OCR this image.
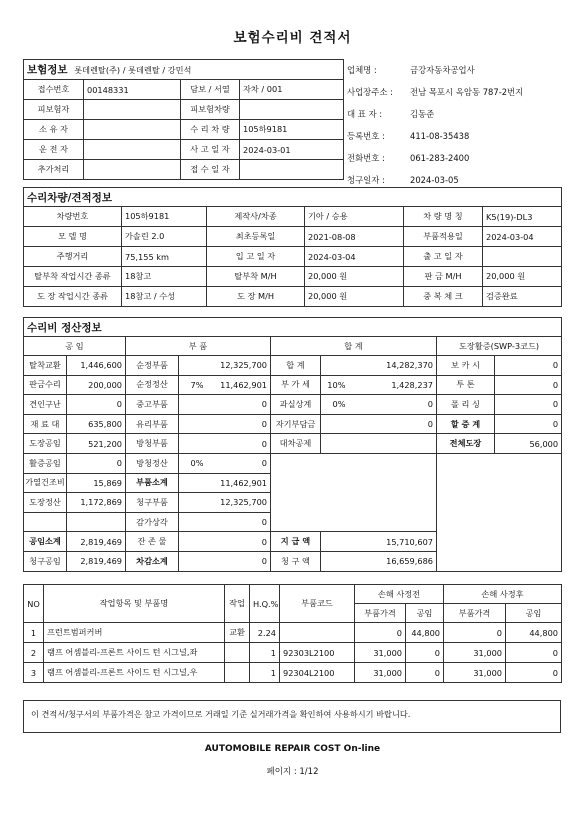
보험수리비 견적서
보험정보 롯데렌탈(주) / 롯데렌탈 / 강민석			
접수번호	00148331	담보 / 서열	자차 / 001
피보험자		피보험차량	
소 유 자		수 리 차 량	105하9181
운 전 자		사 고 일 자	2024-03-01
추가처리		접 수 일 자	
업체명 :	금강자동차공업사
사업장주소 :	전남 목포시 옥암동 787-2번지
대 표 자 :	김동준
등록번호 :	411-08-35438
전화번호 :	061-283-2400
청구일자 :	2024-03-05
수리차량/견적정보					
차량번호	105하9181	제작사/차종	기아 / 승용	차 량 명 칭	K5(19)-DL3
모 델 명	가솔린 2.0	최초등록일	2021-08-08	부품적용일	2024-03-04
주행거리	75,155 km	입 고 일 자	2024-03-04	출 고 일 자	
탈부착 작업시간 종류	18참고	탈부착 M/H	20,000 원	판 금 M/H	20,000 원
도 장 작업시간 종류	18참고 / 수성	도 장 M/H	20,000 원	중 복 체 크	검증완료
수리비 정산정보									
공 임		부 품			합 계			도장활증(SWP-3코드)	
탈착교환	1,446,600	순정부품		12,325,700	합 계		14,282,370	보 카 시	0
판금수리	200,000	순정정산	7%	11,462,901	부 가 세	10%	1,428,237	투 톤	0
견인구난	0	중고부품		0	과실상계	0%	0	폴 리 싱	0
재 료 대	635,800	유리부품		0	자기부담금		0	할 증 계	0
도장공임	521,200	방청부품		0	대차공제			전체도장	56,000
활증공임	0	방청정산	0%	0					
가열건조비	15,869	부품소계		11,462,901					
도장정산	1,172,869	청구부품		12,325,700					
		감가상각		0					
공임소계	2,819,469	잔 존 물		0	지 급 액		15,710,607		
청구공임	2,819,469	차감소계		0	청 구 액		16,659,686		
NO	작업항목 및 부품명	작업	H.Q.%	부품코드	손해 사정전		손해 사정후	
					부품가격	공임	부품가격	공임
1	프런트범퍼커버	교환	2.24		0	44,800	0	44,800
2	램프 어셈블리-프론트 사이드 턴 시그널,좌		1	92303L2100	31,000	0	31,000	0
3	램프 어셈블리-프론트 사이드 턴 시그널,우		1	92304L2100	31,000	0	31,000	0
이 견적서/청구서의 부품가격은 참고 가격이므로 거래일 기준 실거래가격을 확인하여 사용하시기 바랍니다.
AUTOMOBILE REPAIR COST On-line
페이지 : 1/12
